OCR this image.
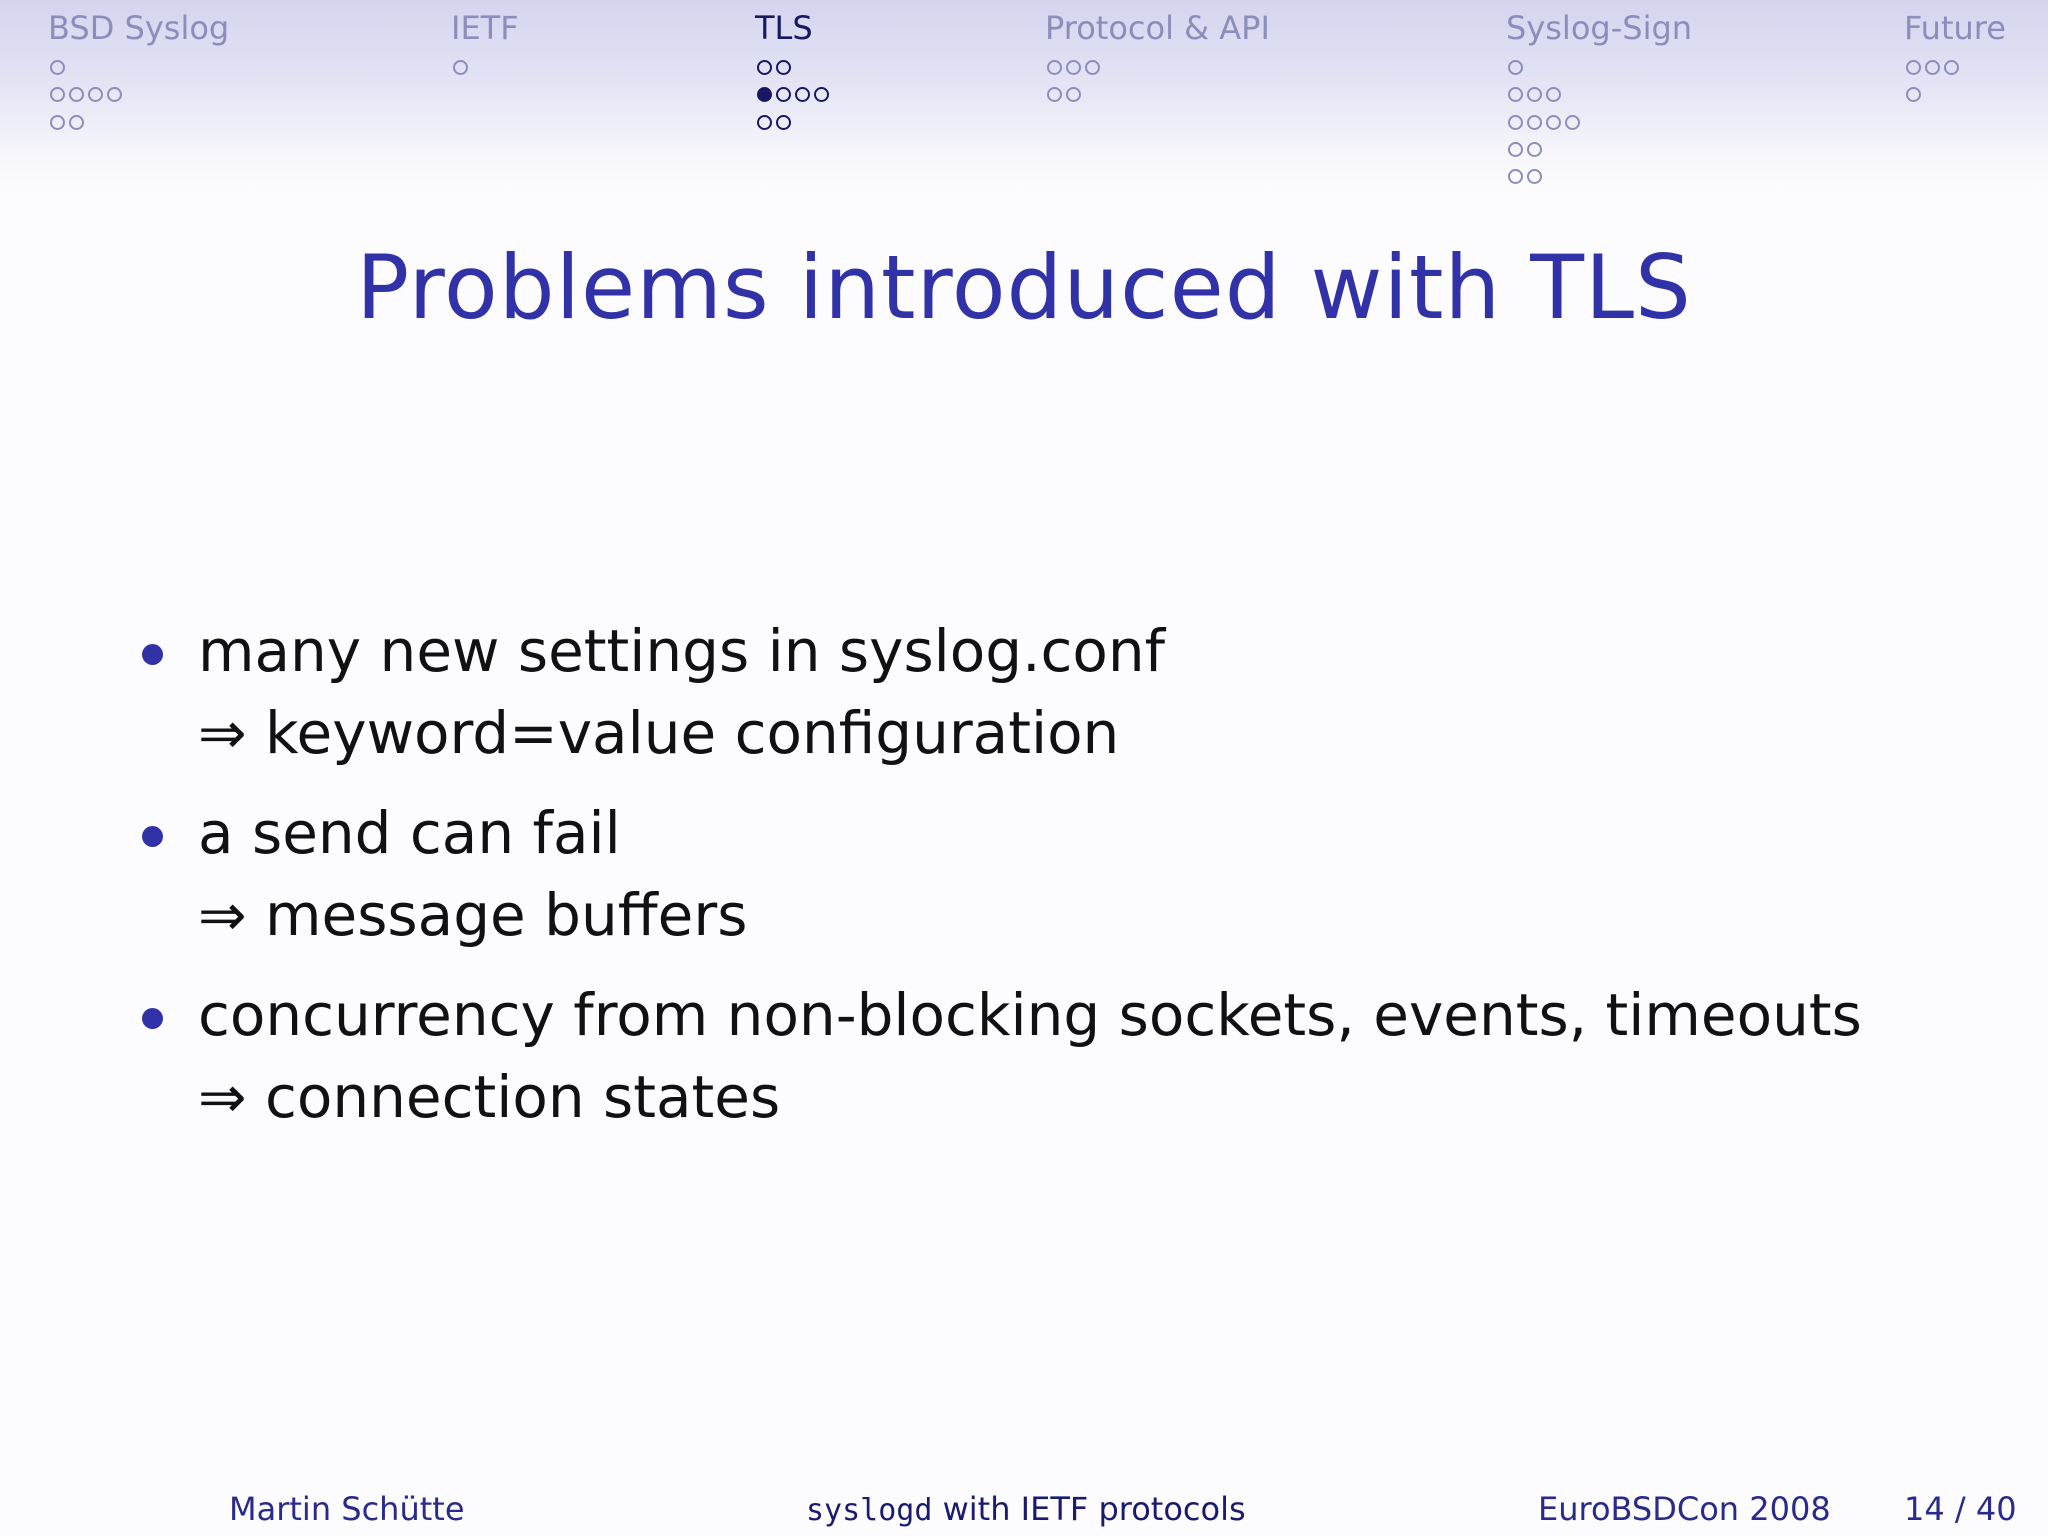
BSD Syslog	IETF	TLS	Protocol & API	Syslog-Sign	Future
Problems introduced with TLS
many new settings in syslog.conf
⇒ keyword=value configuration
a send can fail
⇒ message buffers
concurrency from non-blocking sockets, events, timeouts
⇒ connection states
Martin Schütte	syslogd with IETF protocols	EuroBSDCon 2008 14 / 40
